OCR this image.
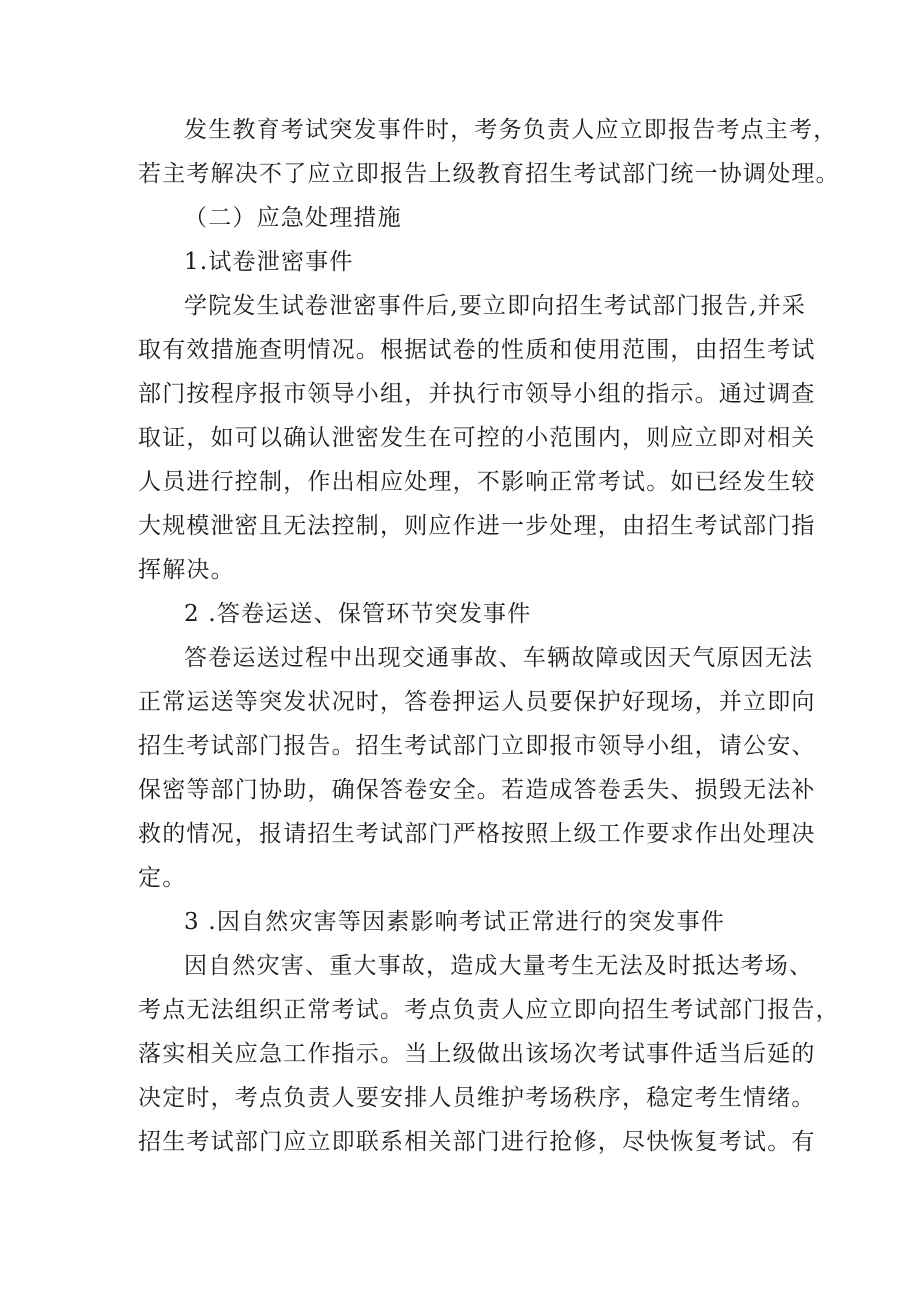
发生教育考试突发事件时，考务负责人应立即报告考点主考，
若主考解决不了应立即报告上级教育招生考试部门统一协调处理。
（二）应急处理措施
1.试卷泄密事件
学院发生试卷泄密事件后,要立即向招生考试部门报告,并采
取有效措施查明情况。根据试卷的性质和使用范围，由招生考试
部门按程序报市领导小组，并执行市领导小组的指示。通过调查
取证，如可以确认泄密发生在可控的小范围内，则应立即对相关
人员进行控制，作出相应处理，不影响正常考试。如已经发生较
大规模泄密且无法控制，则应作进一步处理，由招生考试部门指
挥解决。
2 .答卷运送、保管环节突发事件
答卷运送过程中出现交通事故、车辆故障或因天气原因无法
正常运送等突发状况时，答卷押运人员要保护好现场，并立即向
招生考试部门报告。招生考试部门立即报市领导小组，请公安、
保密等部门协助，确保答卷安全。若造成答卷丢失、损毁无法补
救的情况，报请招生考试部门严格按照上级工作要求作出处理决
定。
3 .因自然灾害等因素影响考试正常进行的突发事件
因自然灾害、重大事故，造成大量考生无法及时抵达考场、
考点无法组织正常考试。考点负责人应立即向招生考试部门报告，
落实相关应急工作指示。当上级做出该场次考试事件适当后延的
决定时，考点负责人要安排人员维护考场秩序，稳定考生情绪。
招生考试部门应立即联系相关部门进行抢修，尽快恢复考试。有
